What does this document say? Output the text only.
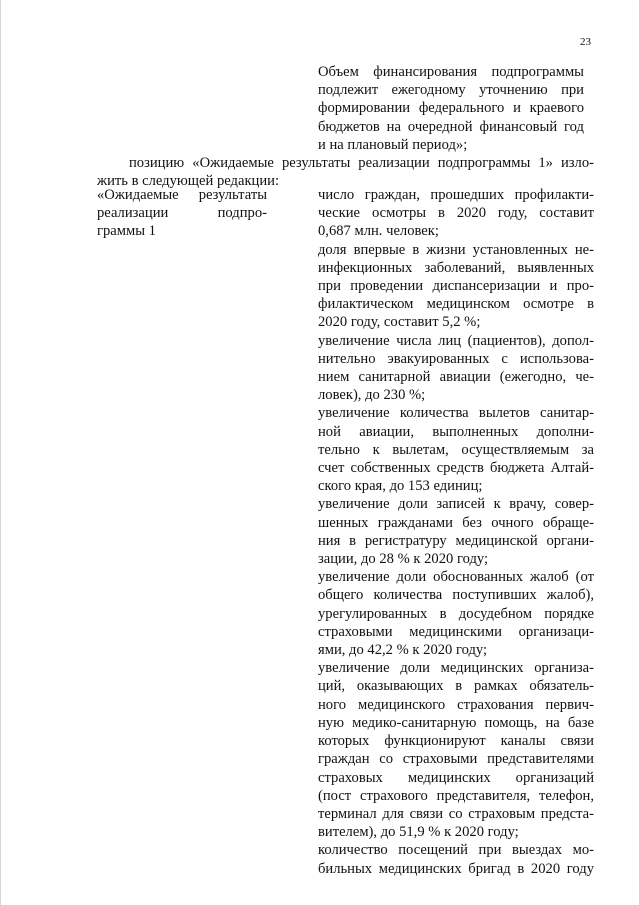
23
Объем финансирования подпрограммы
подлежит ежегодному уточнению при
формировании федерального и краевого
бюджетов на очередной финансовый год
и на плановый период»;
позицию «Ожидаемые результаты реализации подпрограммы 1» изло-
жить в следующей редакции:
«Ожидаемые результаты
реализации подпро-
граммы 1
число граждан, прошедших профилакти-
ческие осмотры в 2020 году, составит
0,687 млн. человек;
доля впервые в жизни установленных не-
инфекционных заболеваний, выявленных
при проведении диспансеризации и про-
филактическом медицинском осмотре в
2020 году, составит 5,2 %;
увеличение числа лиц (пациентов), допол-
нительно эвакуированных с использова-
нием санитарной авиации (ежегодно, че-
ловек), до 230 %;
увеличение количества вылетов санитар-
ной авиации, выполненных дополни-
тельно к вылетам, осуществляемым за
счет собственных средств бюджета Алтай-
ского края, до 153 единиц;
увеличение доли записей к врачу, совер-
шенных гражданами без очного обраще-
ния в регистратуру медицинской органи-
зации, до 28 % к 2020 году;
увеличение доли обоснованных жалоб (от
общего количества поступивших жалоб),
урегулированных в досудебном порядке
страховыми медицинскими организаци-
ями, до 42,2 % к 2020 году;
увеличение доли медицинских организа-
ций, оказывающих в рамках обязатель-
ного медицинского страхования первич-
ную медико-санитарную помощь, на базе
которых функционируют каналы связи
граждан со страховыми представителями
страховых медицинских организаций
(пост страхового представителя, телефон,
терминал для связи со страховым предста-
вителем), до 51,9 % к 2020 году;
количество посещений при выездах мо-
бильных медицинских бригад в 2020 году
